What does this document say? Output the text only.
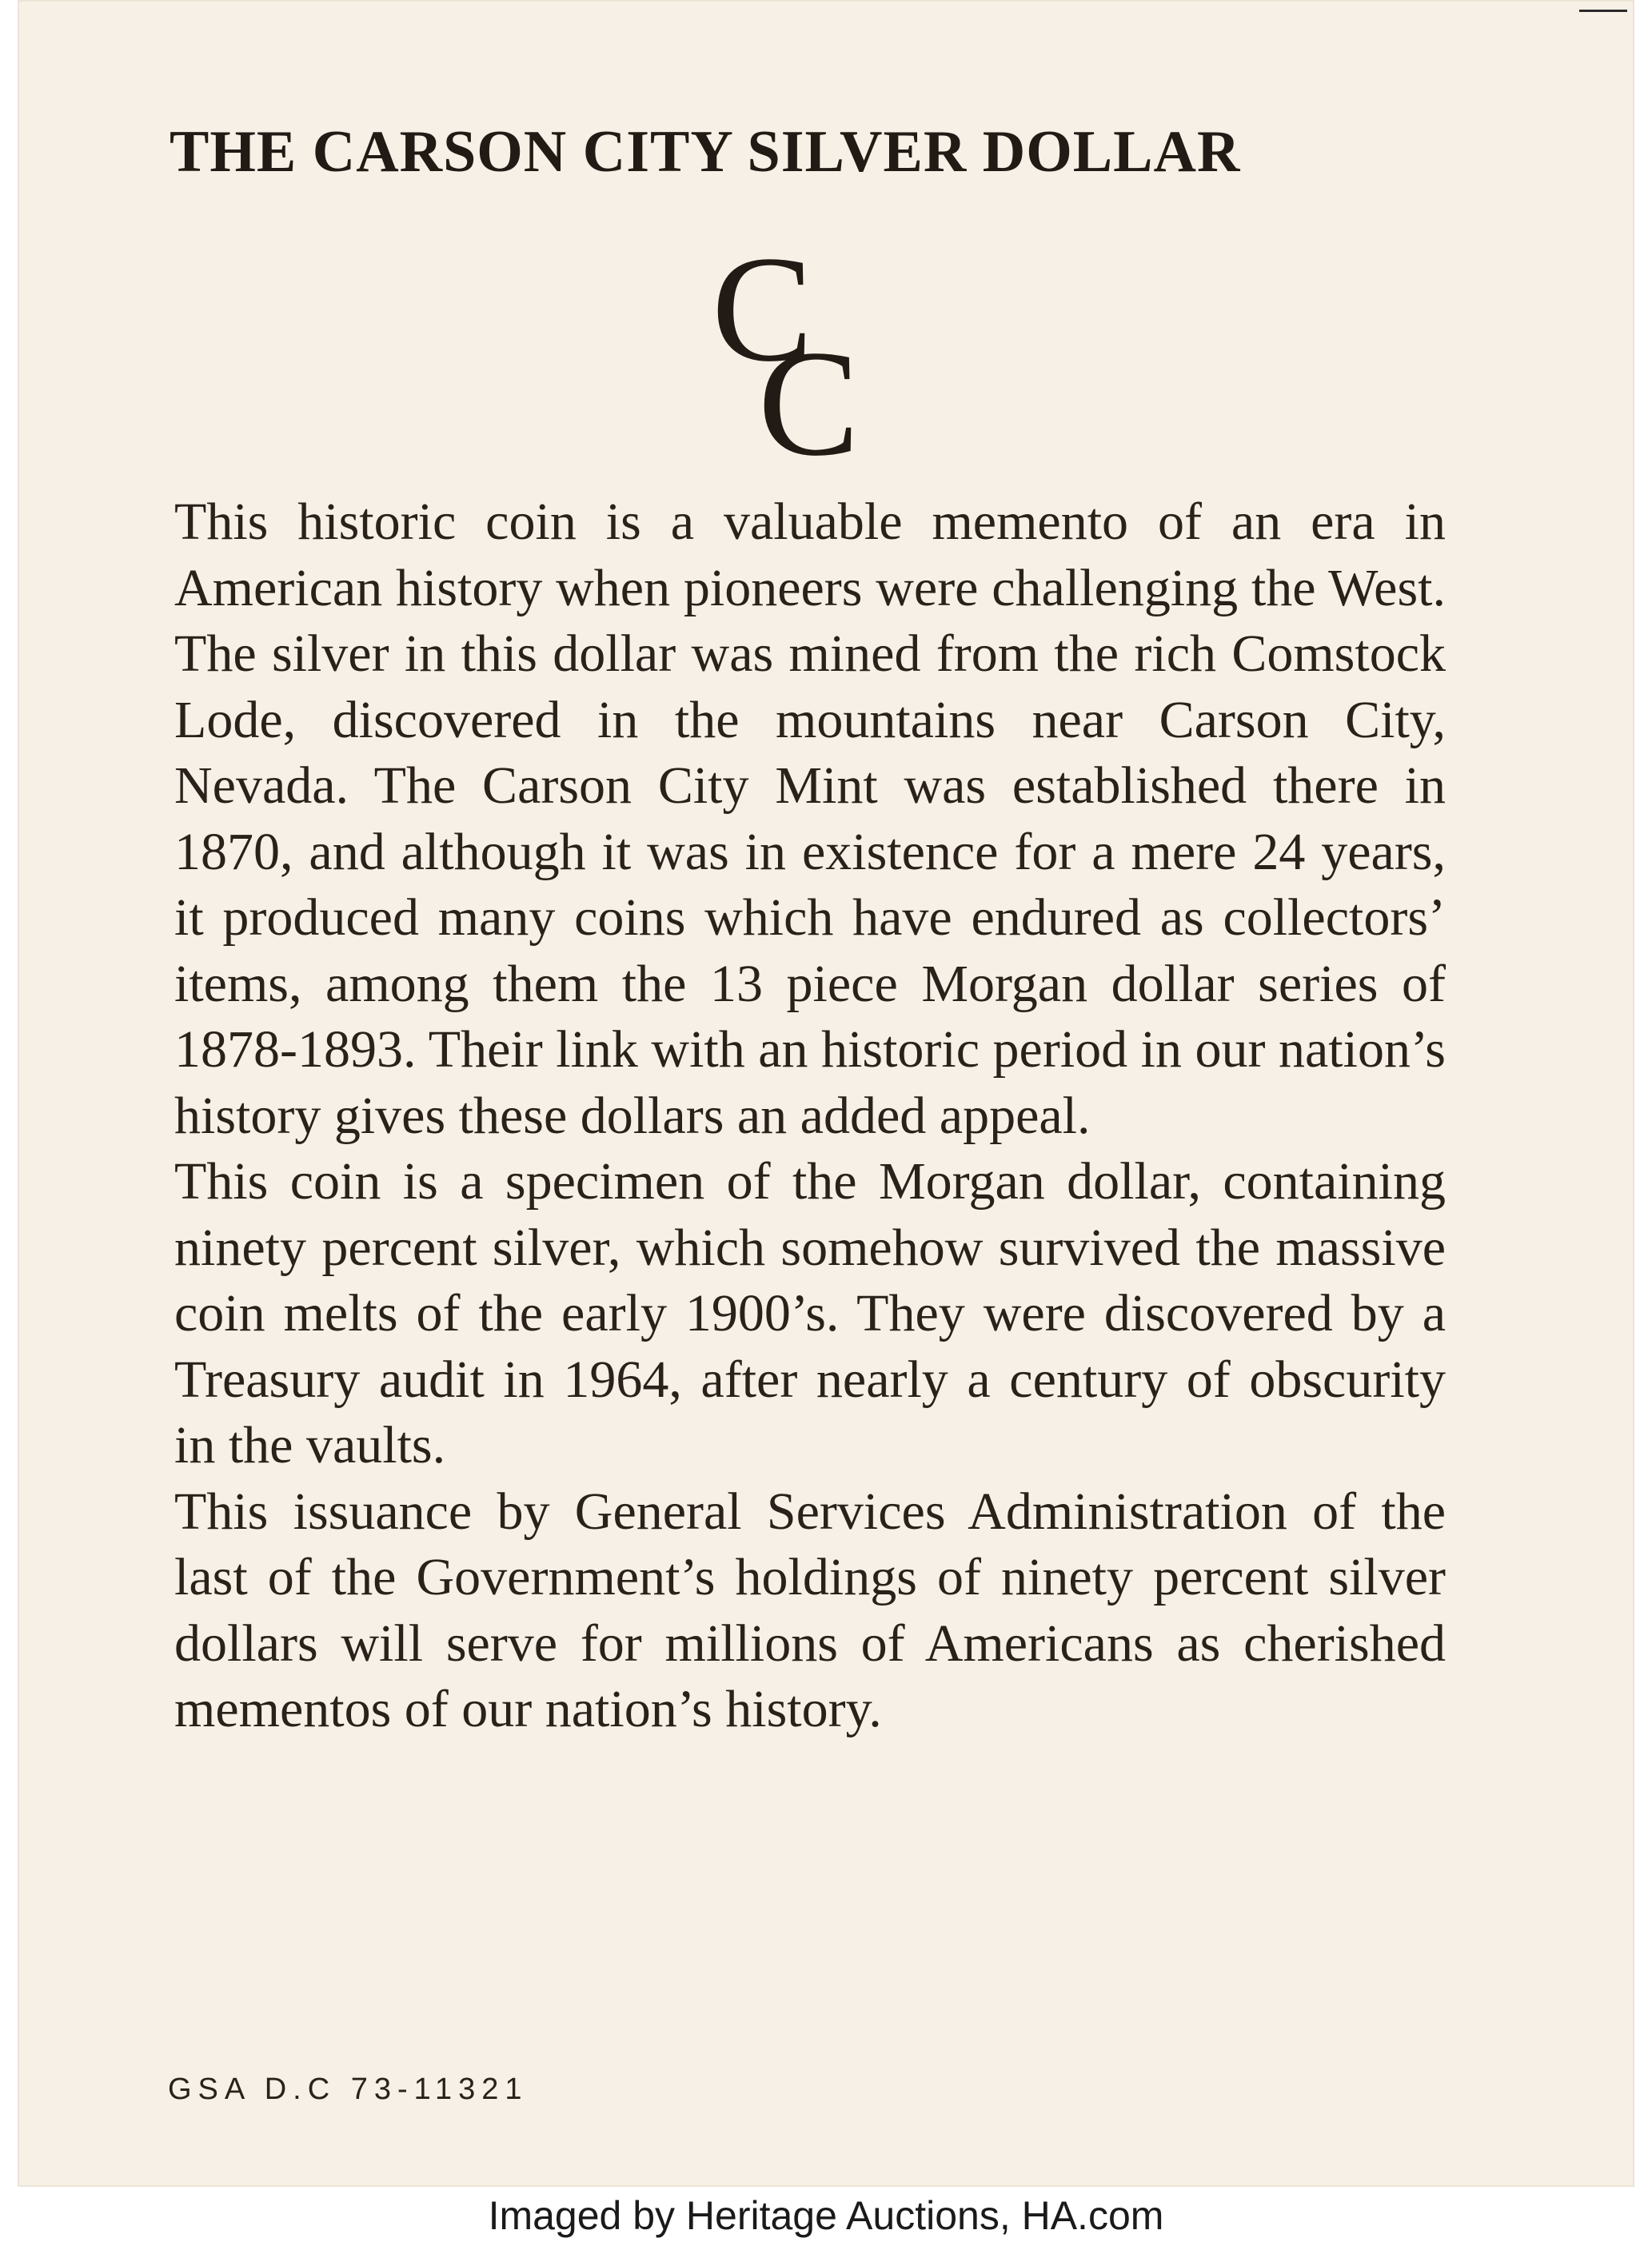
THE CARSON CITY SILVER DOLLAR
C
C

This historic coin is a valuable memento of an era in American history when pioneers were challenging the West. The silver in this dollar was mined from the rich Comstock Lode, discovered in the mountains near Carson City, Nevada. The Carson City Mint was established there in 1870, and although it was in existence for a mere 24 years, it produced many coins which have endured as collectors’ items, among them the 13 piece Morgan dollar series of 1878-1893. Their link with an historic period in our nation’s history gives these dollars an added appeal.

This coin is a specimen of the Morgan dollar, containing ninety percent silver, which somehow survived the massive coin melts of the early 1900’s. They were discovered by a Treasury audit in 1964, after nearly a century of obscurity in the vaults.

This issuance by General Services Administration of the last of the Government’s holdings of ninety percent silver dollars will serve for millions of Americans as cherished mementos of our nation’s history.

GSA D.C 73-11321
Imaged by Heritage Auctions, HA.com
